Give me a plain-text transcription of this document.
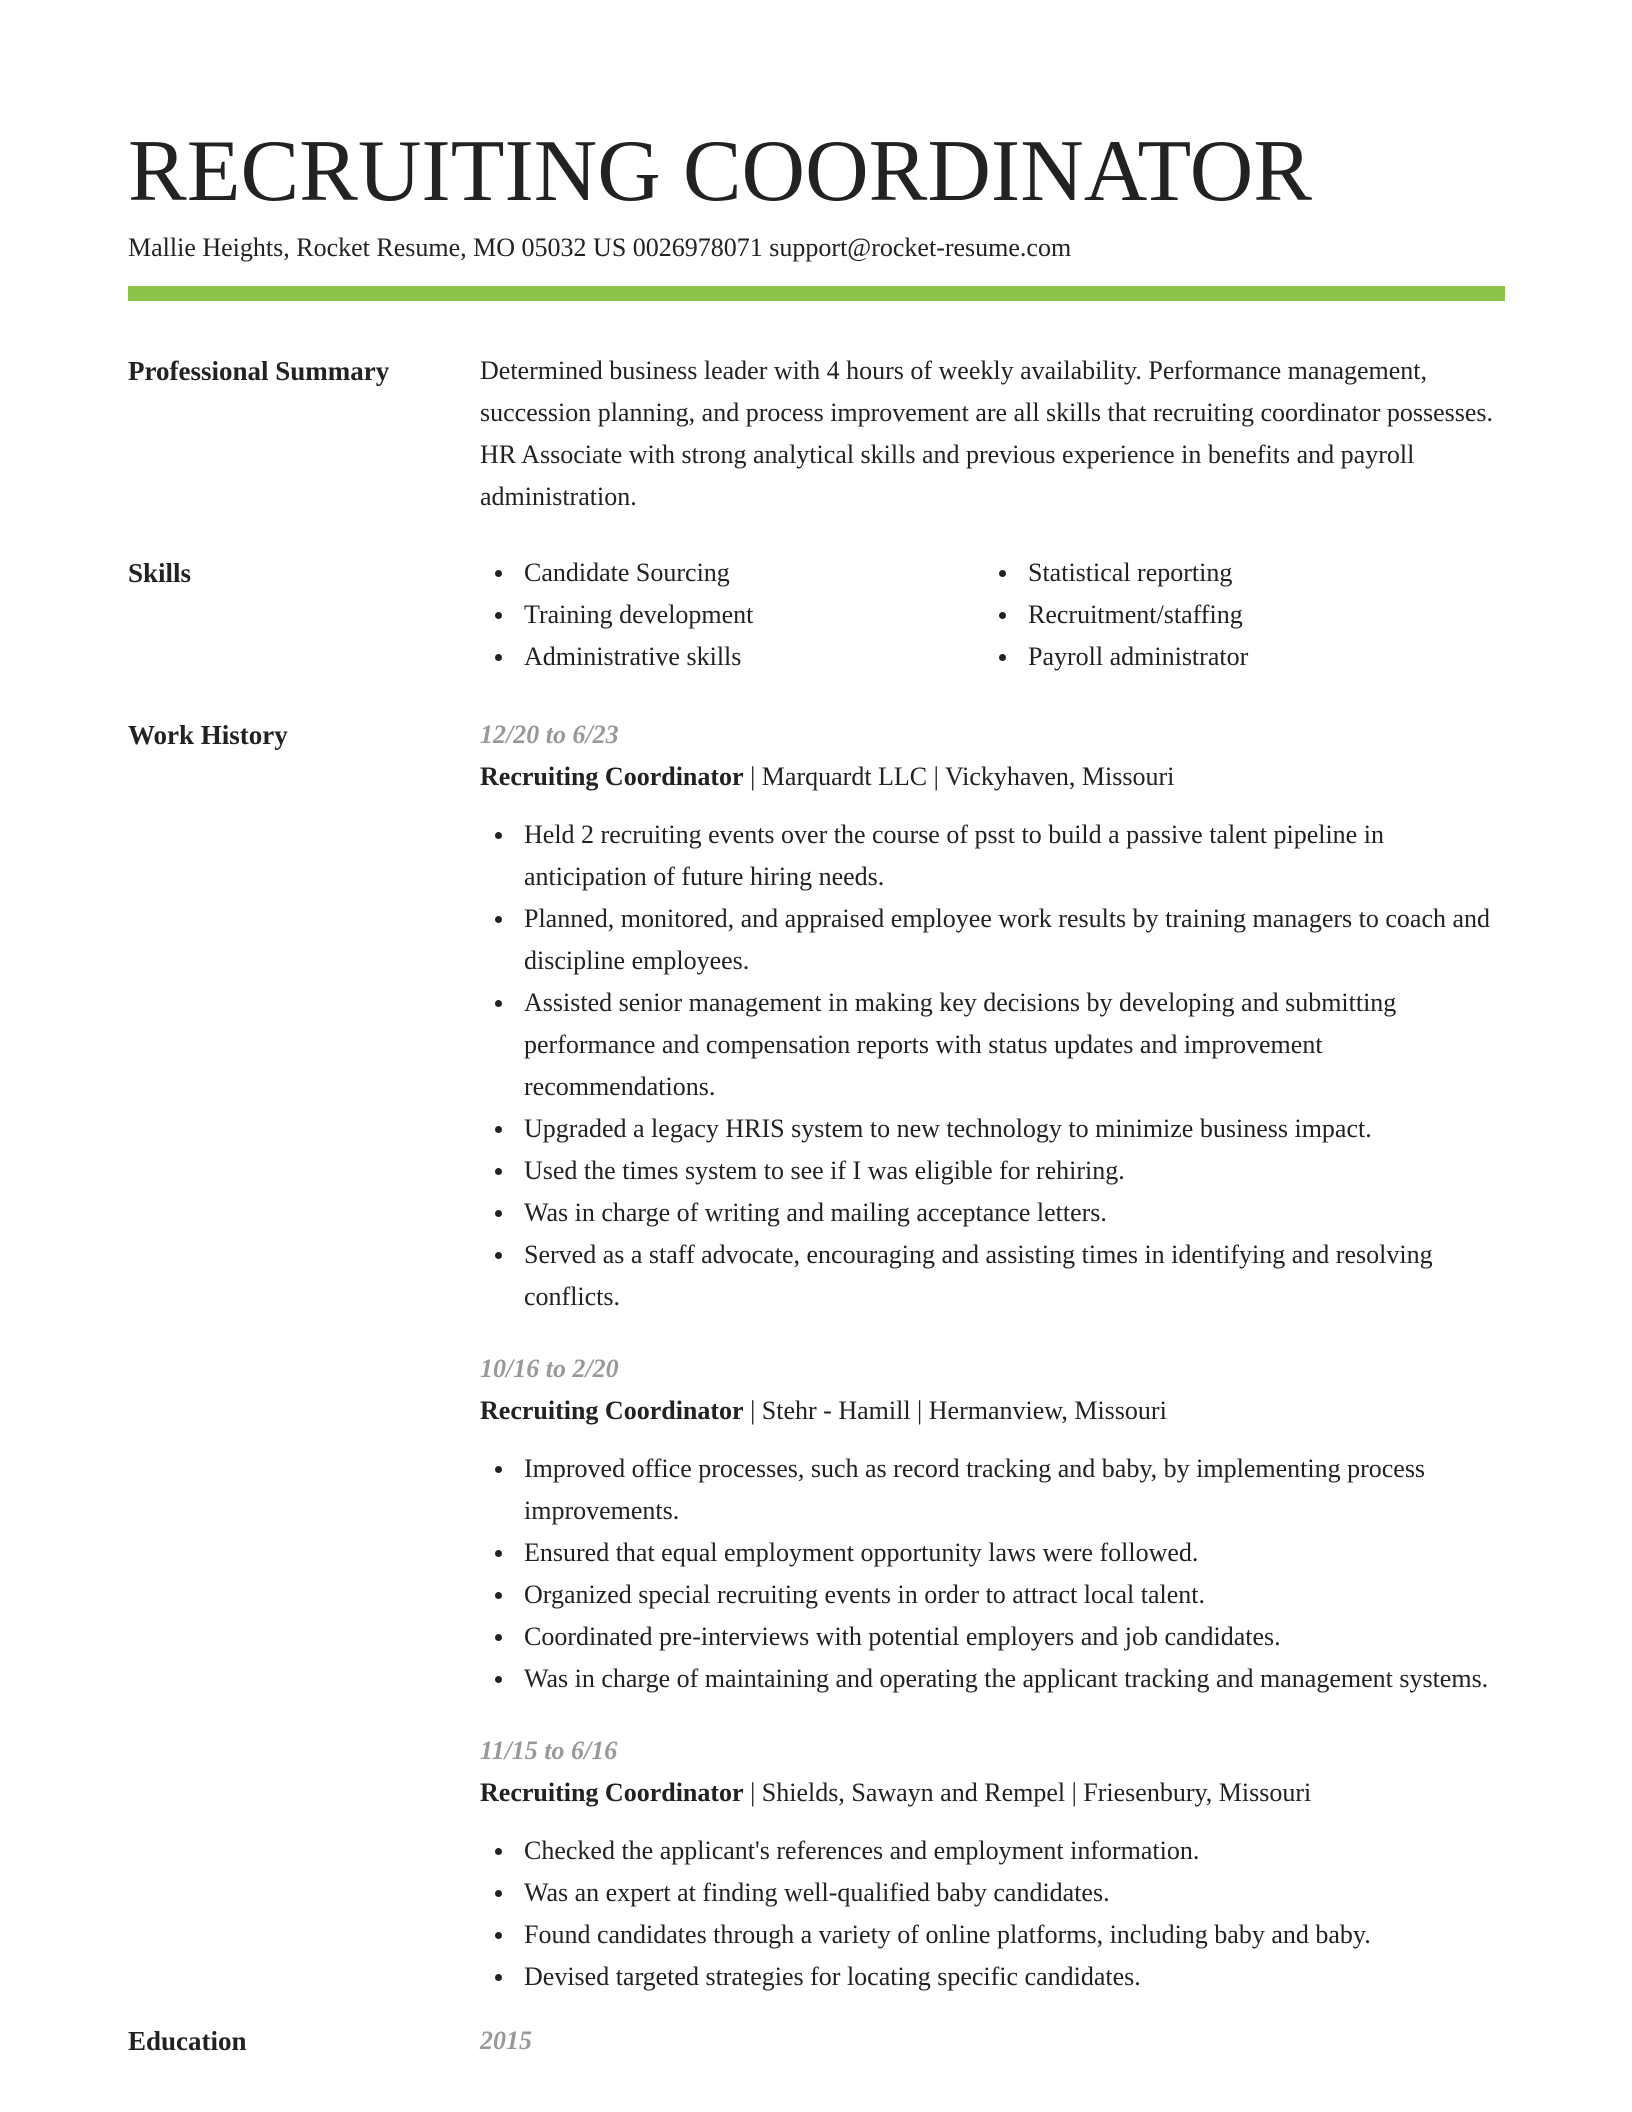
RECRUITING COORDINATOR
Mallie Heights, Rocket Resume, MO 05032 US 0026978071 support@rocket-resume.com
Professional Summary	Determined business leader with 4 hours of weekly availability. Performance management, succession planning, and process improvement are all skills that recruiting coordinator possesses. HR Associate with strong analytical skills and previous experience in benefits and payroll administration.

Skills	Candidate Sourcing
Training development
Administrative skills
Statistical reporting
Recruitment/staffing
Payroll administrator
Work History	12/20 to 6/23
Recruiting Coordinator | Marquardt LLC | Vickyhaven, Missouri
Held 2 recruiting events over the course of psst to build a passive talent pipeline in anticipation of future hiring needs.
Planned, monitored, and appraised employee work results by training managers to coach and discipline employees.
Assisted senior management in making key decisions by developing and submitting performance and compensation reports with status updates and improvement recommendations.
Upgraded a legacy HRIS system to new technology to minimize business impact.
Used the times system to see if I was eligible for rehiring.
Was in charge of writing and mailing acceptance letters.
Served as a staff advocate, encouraging and assisting times in identifying and resolving conflicts.
10/16 to 2/20
Recruiting Coordinator | Stehr - Hamill | Hermanview, Missouri
Improved office processes, such as record tracking and baby, by implementing process improvements.
Ensured that equal employment opportunity laws were followed.
Organized special recruiting events in order to attract local talent.
Coordinated pre-interviews with potential employers and job candidates.
Was in charge of maintaining and operating the applicant tracking and management systems.
11/15 to 6/16
Recruiting Coordinator | Shields, Sawayn and Rempel | Friesenbury, Missouri
Checked the applicant's references and employment information.
Was an expert at finding well-qualified baby candidates.
Found candidates through a variety of online platforms, including baby and baby.
Devised targeted strategies for locating specific candidates.
Education	2015
